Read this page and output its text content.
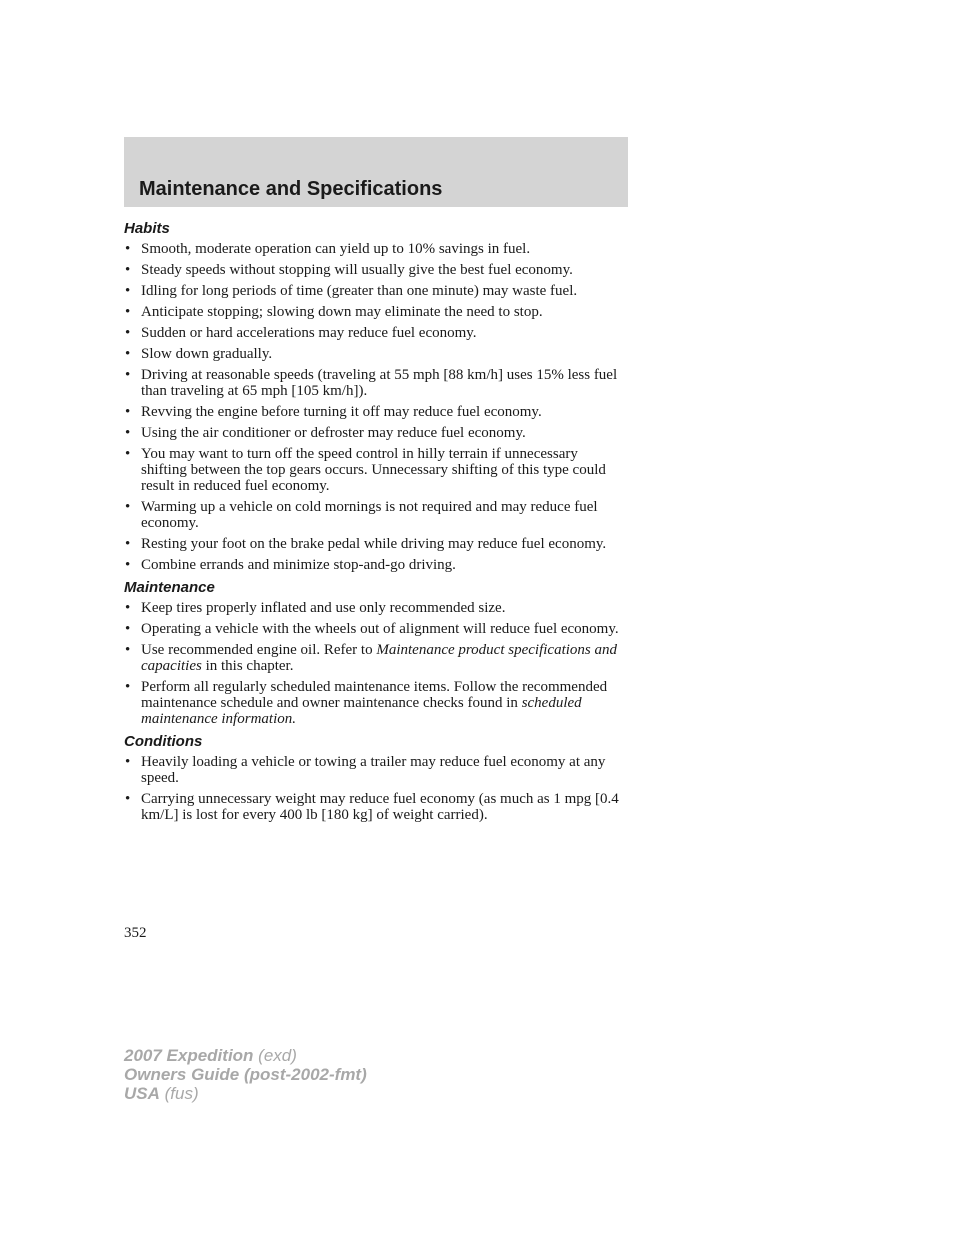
Maintenance and Specifications
Habits
• Smooth, moderate operation can yield up to 10% savings in fuel.
• Steady speeds without stopping will usually give the best fuel economy.
• Idling for long periods of time (greater than one minute) may waste fuel.
• Anticipate stopping; slowing down may eliminate the need to stop.
• Sudden or hard accelerations may reduce fuel economy.
• Slow down gradually.
• Driving at reasonable speeds (traveling at 55 mph [88 km/h] uses 15% less fuel than traveling at 65 mph [105 km/h]).
• Revving the engine before turning it off may reduce fuel economy.
• Using the air conditioner or defroster may reduce fuel economy.
• You may want to turn off the speed control in hilly terrain if unnecessary shifting between the top gears occurs. Unnecessary shifting of this type could result in reduced fuel economy.
• Warming up a vehicle on cold mornings is not required and may reduce fuel economy.
• Resting your foot on the brake pedal while driving may reduce fuel economy.
• Combine errands and minimize stop-and-go driving.
Maintenance
• Keep tires properly inflated and use only recommended size.
• Operating a vehicle with the wheels out of alignment will reduce fuel economy.
• Use recommended engine oil. Refer to Maintenance product specifications and capacities in this chapter.
• Perform all regularly scheduled maintenance items. Follow the recommended maintenance schedule and owner maintenance checks found in scheduled maintenance information.
Conditions
• Heavily loading a vehicle or towing a trailer may reduce fuel economy at any speed.
• Carrying unnecessary weight may reduce fuel economy (as much as 1 mpg [0.4 km/L] is lost for every 400 lb [180 kg] of weight carried).
352
2007 Expedition (exd)
Owners Guide (post-2002-fmt)
USA (fus)
